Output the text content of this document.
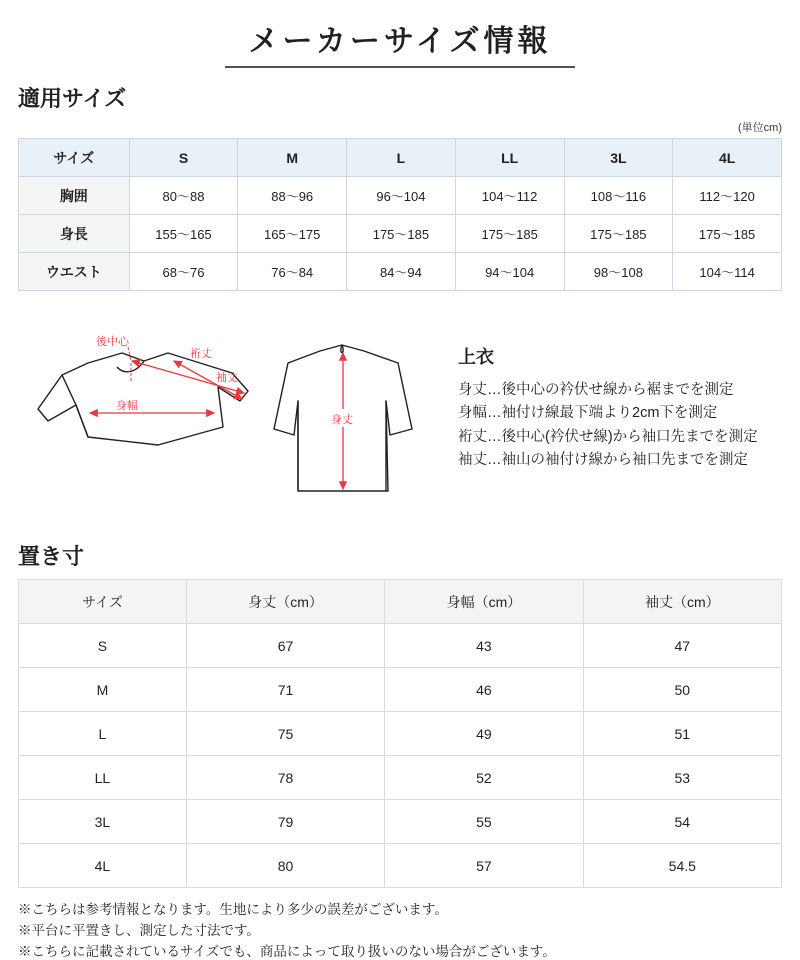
メーカーサイズ情報
適用サイズ
(単位cm)
サイズ	S	M	L	LL	3L	4L
胸囲	80〜88	88〜96	96〜104	104〜112	108〜116	112〜120
身長	155〜165	165〜175	175〜185	175〜185	175〜185	175〜185
ウエスト	68〜76	76〜84	84〜94	94〜104	98〜108	104〜114
後中心
裄丈
袖丈
身幅
身丈
上衣
身丈…後中心の衿伏せ線から裾までを測定
身幅…袖付け線最下端より2cm下を測定
裄丈…後中心(衿伏せ線)から袖口先までを測定
袖丈…袖山の袖付け線から袖口先までを測定
置き寸
サイズ	身丈（cm）	身幅（cm）	袖丈（cm）
S	67	43	47
M	71	46	50
L	75	49	51
LL	78	52	53
3L	79	55	54
4L	80	57	54.5
※こちらは参考情報となります。生地により多少の誤差がございます。
※平台に平置きし、測定した寸法です。
※こちらに記載されているサイズでも、商品によって取り扱いのない場合がございます。
